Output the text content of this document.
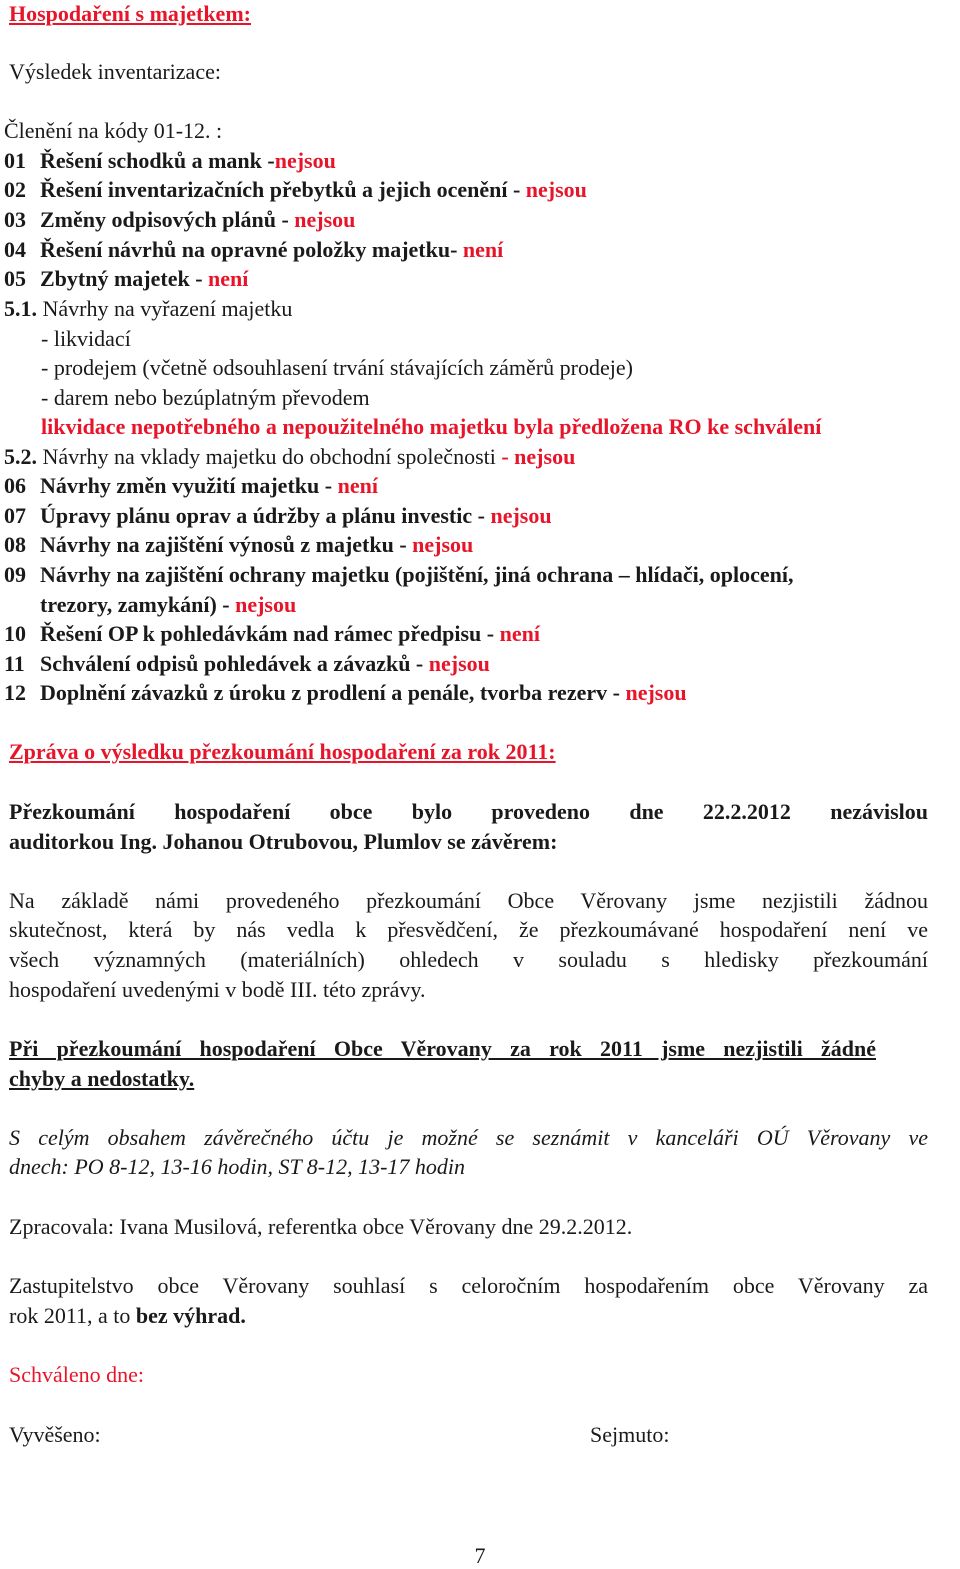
Hospodaření s majetkem:
Výsledek inventarizace:
Členění na kódy 01-12. :
01 Řešení schodků a mank -nejsou
02 Řešení inventarizačních přebytků a jejich ocenění - nejsou
03 Změny odpisových plánů - nejsou
04 Řešení návrhů na opravné položky majetku- není
05 Zbytný majetek - není
5.1. Návrhy na vyřazení majetku
- likvidací
- prodejem (včetně odsouhlasení trvání stávajících záměrů prodeje)
- darem nebo bezúplatným převodem
likvidace nepotřebného a nepoužitelného majetku byla předložena RO ke schválení
5.2. Návrhy na vklady majetku do obchodní společnosti - nejsou
06 Návrhy změn využití majetku - není
07 Úpravy plánu oprav a údržby a plánu investic - nejsou
08 Návrhy na zajištění výnosů z majetku - nejsou
09 Návrhy na zajištění ochrany majetku (pojištění, jiná ochrana – hlídači, oplocení,
trezory, zamykání) - nejsou
10 Řešení OP k pohledávkám nad rámec předpisu - není
11 Schválení odpisů pohledávek a závazků - nejsou
12 Doplnění závazků z úroku z prodlení a penále, tvorba rezerv - nejsou
Zpráva o výsledku přezkoumání hospodaření za rok 2011:
Přezkoumání hospodaření obce bylo provedeno dne 22.2.2012 nezávislou
auditorkou Ing. Johanou Otrubovou, Plumlov se závěrem:
Na základě námi provedeného přezkoumání Obce Věrovany jsme nezjistili žádnou
skutečnost, která by nás vedla k přesvědčení, že přezkoumávané hospodaření není ve
všech významných (materiálních) ohledech v souladu s hledisky přezkoumání
hospodaření uvedenými v bodě III. této zprávy.
Při přezkoumání hospodaření Obce Věrovany za rok 2011 jsme nezjistili žádné
chyby a nedostatky.
S celým obsahem závěrečného účtu je možné se seznámit v kanceláři OÚ Věrovany ve
dnech: PO 8-12, 13-16 hodin, ST 8-12, 13-17 hodin
Zpracovala: Ivana Musilová, referentka obce Věrovany dne 29.2.2012.
Zastupitelstvo obce Věrovany souhlasí s celoročním hospodařením obce Věrovany za
rok 2011, a to bez výhrad.
Schváleno dne:
Vyvěšeno:	Sejmuto:
7
